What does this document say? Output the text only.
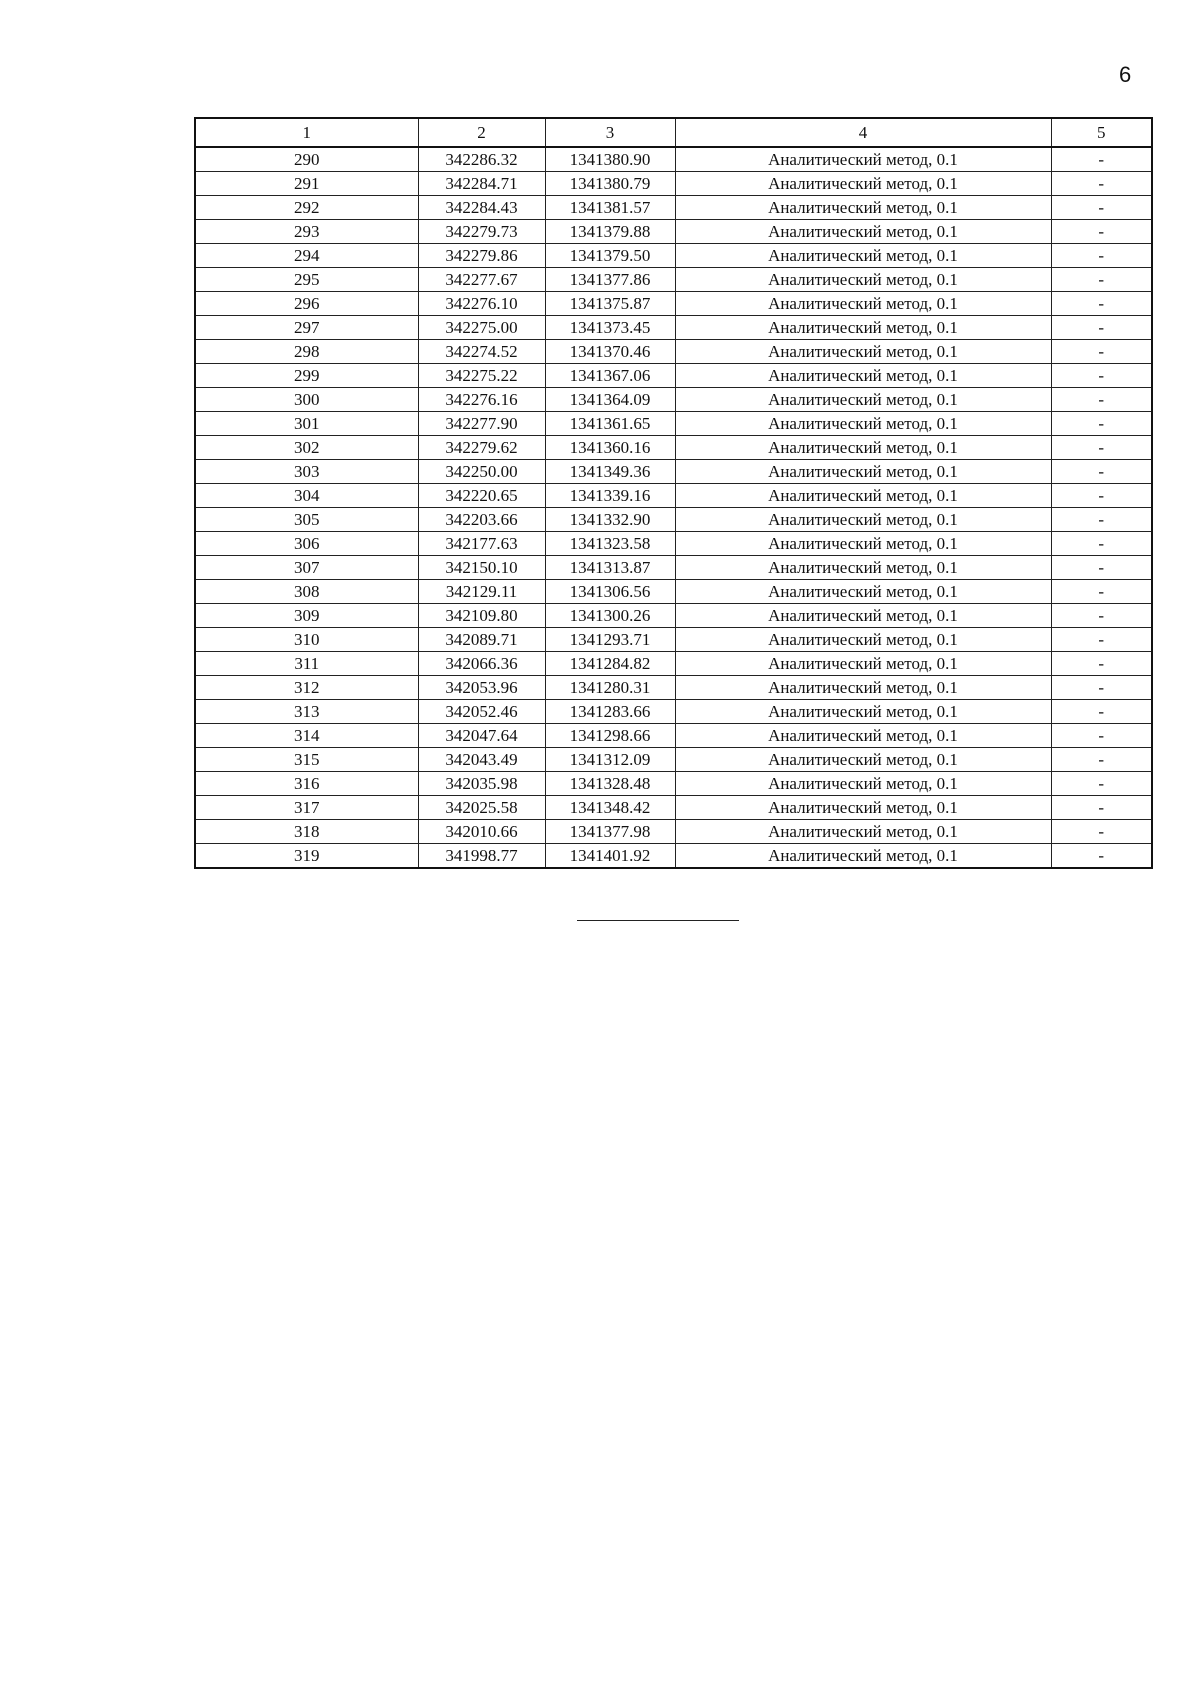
6
1	2	3	4	5
290	342286.32	1341380.90	Аналитический метод, 0.1	-
291	342284.71	1341380.79	Аналитический метод, 0.1	-
292	342284.43	1341381.57	Аналитический метод, 0.1	-
293	342279.73	1341379.88	Аналитический метод, 0.1	-
294	342279.86	1341379.50	Аналитический метод, 0.1	-
295	342277.67	1341377.86	Аналитический метод, 0.1	-
296	342276.10	1341375.87	Аналитический метод, 0.1	-
297	342275.00	1341373.45	Аналитический метод, 0.1	-
298	342274.52	1341370.46	Аналитический метод, 0.1	-
299	342275.22	1341367.06	Аналитический метод, 0.1	-
300	342276.16	1341364.09	Аналитический метод, 0.1	-
301	342277.90	1341361.65	Аналитический метод, 0.1	-
302	342279.62	1341360.16	Аналитический метод, 0.1	-
303	342250.00	1341349.36	Аналитический метод, 0.1	-
304	342220.65	1341339.16	Аналитический метод, 0.1	-
305	342203.66	1341332.90	Аналитический метод, 0.1	-
306	342177.63	1341323.58	Аналитический метод, 0.1	-
307	342150.10	1341313.87	Аналитический метод, 0.1	-
308	342129.11	1341306.56	Аналитический метод, 0.1	-
309	342109.80	1341300.26	Аналитический метод, 0.1	-
310	342089.71	1341293.71	Аналитический метод, 0.1	-
311	342066.36	1341284.82	Аналитический метод, 0.1	-
312	342053.96	1341280.31	Аналитический метод, 0.1	-
313	342052.46	1341283.66	Аналитический метод, 0.1	-
314	342047.64	1341298.66	Аналитический метод, 0.1	-
315	342043.49	1341312.09	Аналитический метод, 0.1	-
316	342035.98	1341328.48	Аналитический метод, 0.1	-
317	342025.58	1341348.42	Аналитический метод, 0.1	-
318	342010.66	1341377.98	Аналитический метод, 0.1	-
319	341998.77	1341401.92	Аналитический метод, 0.1	-
